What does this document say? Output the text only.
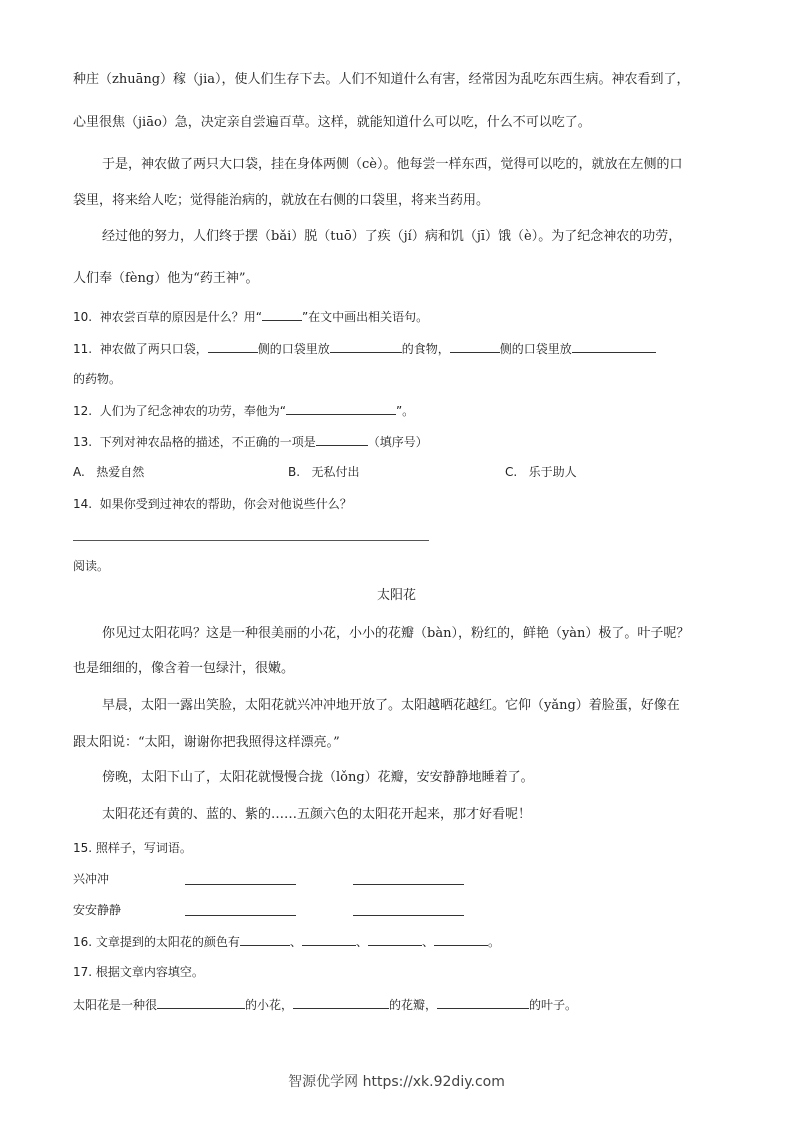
种庄（zhuāng）稼（jia），使人们生存下去。人们不知道什么有害，经常因为乱吃东西生病。神农看到了，
心里很焦（jiāo）急，决定亲自尝遍百草。这样，就能知道什么可以吃，什么不可以吃了。
于是，神农做了两只大口袋，挂在身体两侧（cè）。他每尝一样东西，觉得可以吃的，就放在左侧的口
袋里，将来给人吃；觉得能治病的，就放在右侧的口袋里，将来当药用。
经过他的努力，人们终于摆（bǎi）脱（tuō）了疾（jí）病和饥（jī）饿（è）。为了纪念神农的功劳，
人们奉（fèng）他为“药王神”。
10.  神农尝百草的原因是什么？用“	”在文中画出相关语句。
11.  神农做了两只口袋，	侧的口袋里放	的食物，	侧的口袋里放
的药物。
12.  人们为了纪念神农的功劳，奉他为“	”。
13.  下列对神农品格的描述，不正确的一项是	（填序号）
A.   热爱自然	B.   无私付出	C.   乐于助人
14.  如果你受到过神农的帮助，你会对他说些什么？
阅读。
太阳花
你见过太阳花吗？这是一种很美丽的小花，小小的花瓣（bàn），粉红的，鲜艳（yàn）极了。叶子呢？
也是细细的，像含着一包绿汁，很嫩。
早晨，太阳一露出笑脸，太阳花就兴冲冲地开放了。太阳越晒花越红。它仰（yǎng）着脸蛋，好像在
跟太阳说：“太阳，谢谢你把我照得这样漂亮。”
傍晚，太阳下山了，太阳花就慢慢合拢（lǒng）花瓣，安安静静地睡着了。
太阳花还有黄的、蓝的、紫的……五颜六色的太阳花开起来，那才好看呢！
15. 照样子，写词语。
兴冲冲
安安静静
16. 文章提到的太阳花的颜色有	、	、	、	。
17. 根据文章内容填空。
太阳花是一种很	的小花，	的花瓣，	的叶子。
智源优学网 https://xk.92diy.com
